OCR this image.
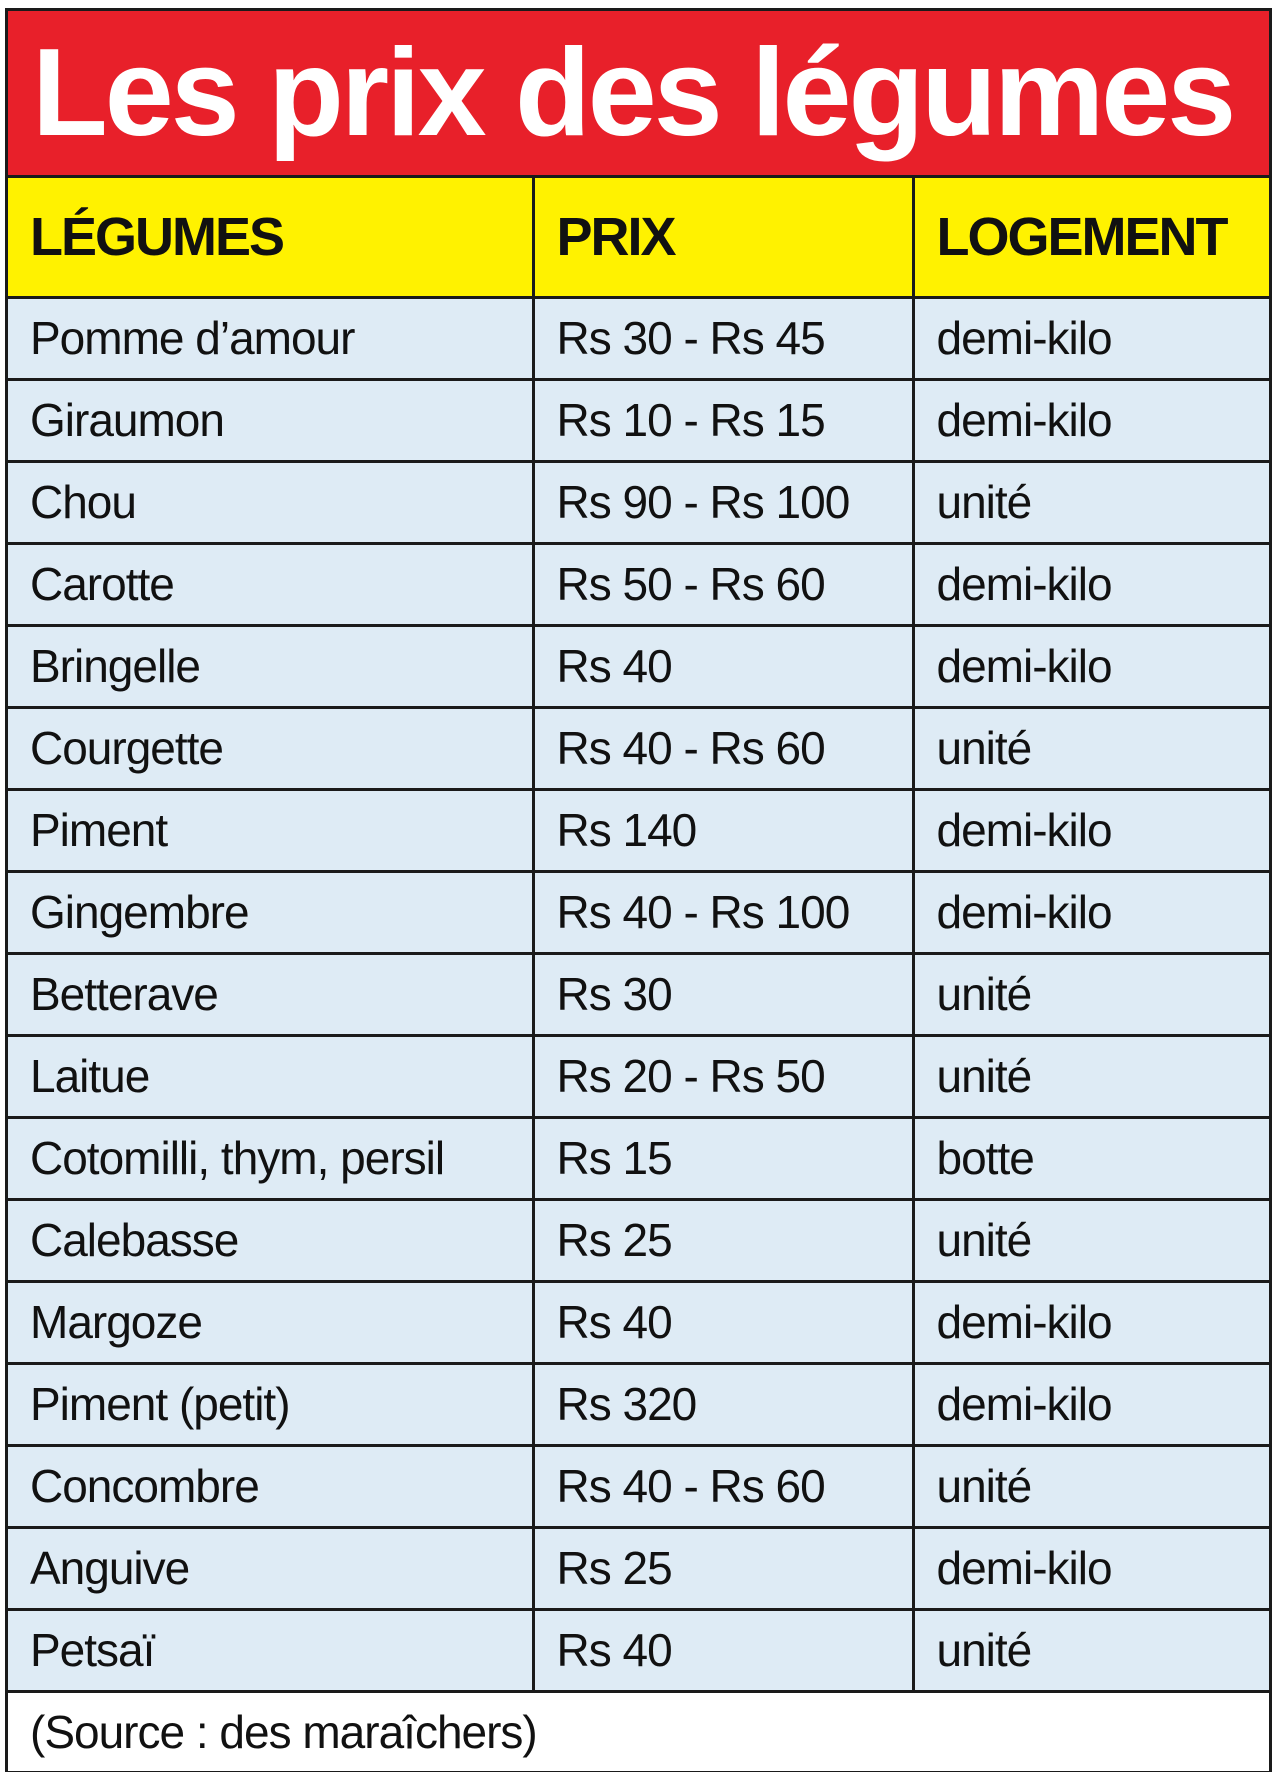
Les prix des légumes
LÉGUMES	PRIX	LOGEMENT
Pomme d’amour	Rs 30 - Rs 45	demi-kilo
Giraumon	Rs 10 - Rs 15	demi-kilo
Chou	Rs 90 - Rs 100	unité
Carotte	Rs 50 - Rs 60	demi-kilo
Bringelle	Rs 40	demi-kilo
Courgette	Rs 40 - Rs 60	unité
Piment	Rs 140	demi-kilo
Gingembre	Rs 40 - Rs 100	demi-kilo
Betterave	Rs 30	unité
Laitue	Rs 20 - Rs 50	unité
Cotomilli, thym, persil	Rs 15	botte
Calebasse	Rs 25	unité
Margoze	Rs 40	demi-kilo
Piment (petit)	Rs 320	demi-kilo
Concombre	Rs 40 - Rs 60	unité
Anguive	Rs 25	demi-kilo
Petsaï	Rs 40	unité
(Source : des maraîchers)		
